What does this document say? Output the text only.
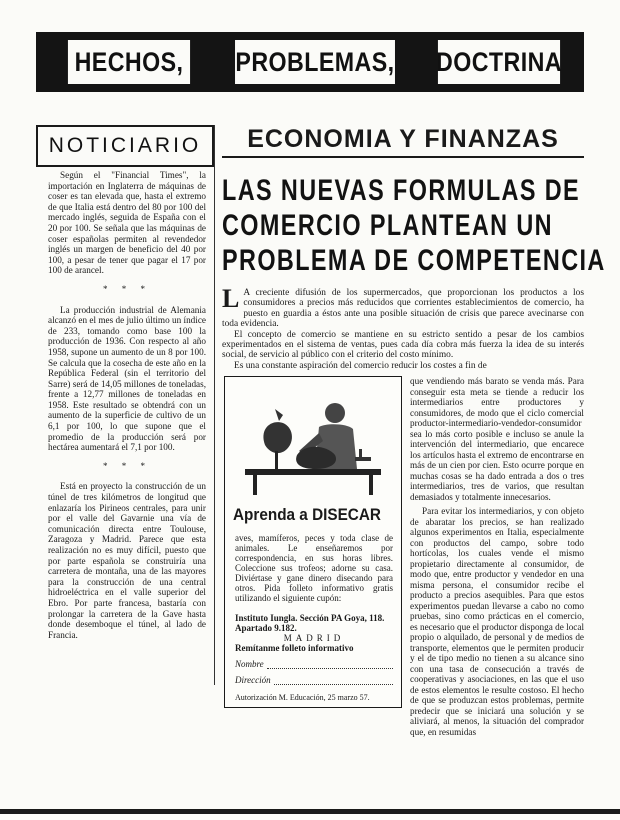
HECHOS, PROBLEMAS, DOCTRINA
NOTICIARIO

Según el "Financial Times", la importación en Inglaterra de máquinas de coser es tan elevada que, hasta el extremo de que Italia está dentro del 80 por 100 del mercado inglés, seguida de España con el 20 por 100. Se señala que las máquinas de coser españolas permiten al revendedor inglés un margen de beneficio del 40 por 100, a pesar de tener que pagar el 17 por 100 de arancel.

* * *

La producción industrial de Alemania alcanzó en el mes de julio último un índice de 233, tomando como base 100 la producción de 1936. Con respecto al año 1958, supone un aumento de un 8 por 100. Se calcula que la cosecha de este año en la República Federal (sin el territorio del Sarre) será de 14,05 millones de toneladas, frente a 12,77 millones de toneladas en 1958. Este resultado se obtendrá con un aumento de la superficie de cultivo de un 6,1 por 100, lo que supone que el promedio de la producción será por hectárea aumentará el 7,1 por 100.

* * *

Está en proyecto la construcción de un túnel de tres kilómetros de longitud que enlazaría los Pirineos centrales, para unir por el valle del Gavarnie una vía de comunicación directa entre Toulouse, Zaragoza y Madrid. Parece que esta realización no es muy difícil, puesto que por parte española se construiría una carretera de montaña, una de las mayores para la construcción de una central hidroeléctrica en el valle superior del Ebro. Por parte francesa, bastaría con prolongar la carretera de la Gave hasta donde desemboque el túnel, al lado de Francia.

ECONOMIA Y FINANZAS
LAS NUEVAS FORMULAS DE
COMERCIO PLANTEAN UN
PROBLEMA DE COMPETENCIA

L A creciente difusión de los supermercados, que proporcionan los productos a los consumidores a precios más reducidos que corrientes establecimientos de comercio, ha puesto en guardia a éstos ante una posible situación de crisis que parece avecinarse con toda evidencia.

El concepto de comercio se mantiene en su estricto sentido a pesar de los cambios experimentados en el sistema de ventas, pues cada día cobra más fuerza la idea de su interés social, de servicio al público con el criterio del costo mínimo.

Es una constante aspiración del comercio reducir los costes a fin de

Aprenda a DISECAR
aves, mamíferos, peces y toda clase de animales. Le enseñaremos por correspondencia, en sus horas libres. Coleccione sus trofeos; adorne su casa. Diviértase y gane dinero disecando para otros. Pida folleto informativo gratis utilizando el siguiente cupón:
Instituto Iungla. Sección PA Goya, 118. Apartado 9.182.
MADRID
Remítanme folleto informativo
Nombre
Dirección
Autorización M. Educación, 25 marzo 57.

que vendiendo más barato se venda más. Para conseguir esta meta se tiende a reducir los intermediarios entre productores y consumidores, de modo que el ciclo comercial productor-intermediario-vendedor-consumidor sea lo más corto posible e incluso se anule la intervención del intermediario, que encarece los artículos hasta el extremo de encontrarse en más de un cien por cien. Esto ocurre porque en muchas cosas se ha dado entrada a dos o tres intermediarios, tres de varios, que resultan demasiados y totalmente innecesarios.

Para evitar los intermediarios, y con objeto de abaratar los precios, se han realizado algunos experimentos en Italia, especialmente con productos del campo, sobre todo hortícolas, los cuales vende el mismo propietario directamente al consumidor, de modo que, entre productor y vendedor en una misma persona, el consumidor recibe el producto a precios asequibles. Para que estos experimentos puedan llevarse a cabo no como pruebas, sino como prácticas en el comercio, es necesario que el productor disponga de local propio o alquilado, de personal y de medios de transporte, elementos que le permiten producir y el de tipo medio no tienen a su alcance sino con una tasa de consecución a través de cooperativas y asociaciones, en las que el uso de estos elementos le resulte costoso. El hecho de que se produzcan estos problemas, permite predecir que se iniciará una solución y se aliviará, al menos, la situación del comprador que, en resumidas
